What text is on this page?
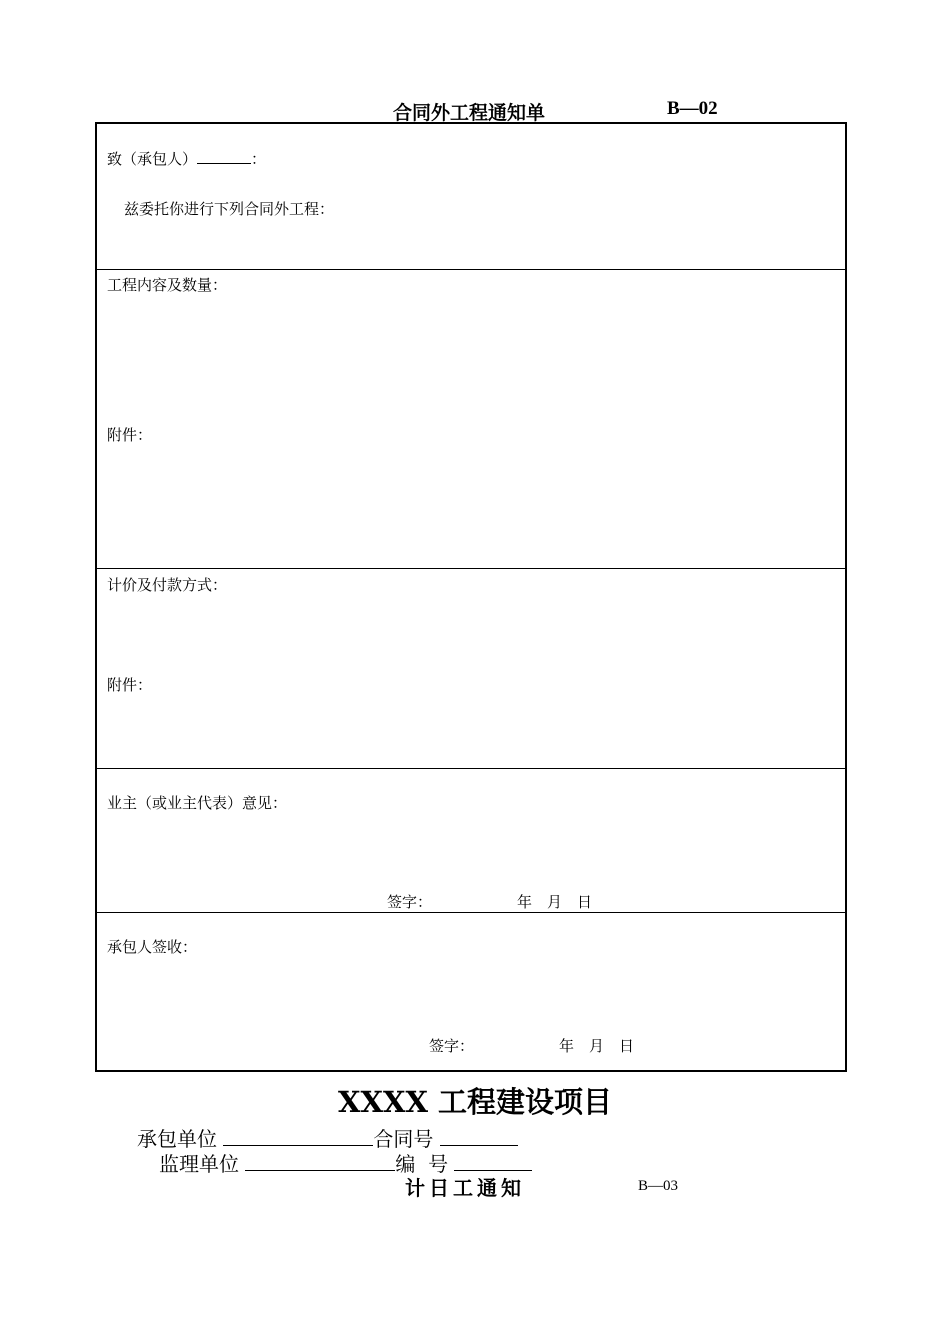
合同外工程通知单	B—02
致（承包人）	：
兹委托你进行下列合同外工程：
工程内容及数量：
附件：
计价及付款方式：
附件：
业主（或业主代表）意见：
签字：	年　月　日
承包人签收：
签字：	年　月　日
XXXX 工程建设项目
承包单位	合同号
监理单位	编  号
计日工通知	B—03
